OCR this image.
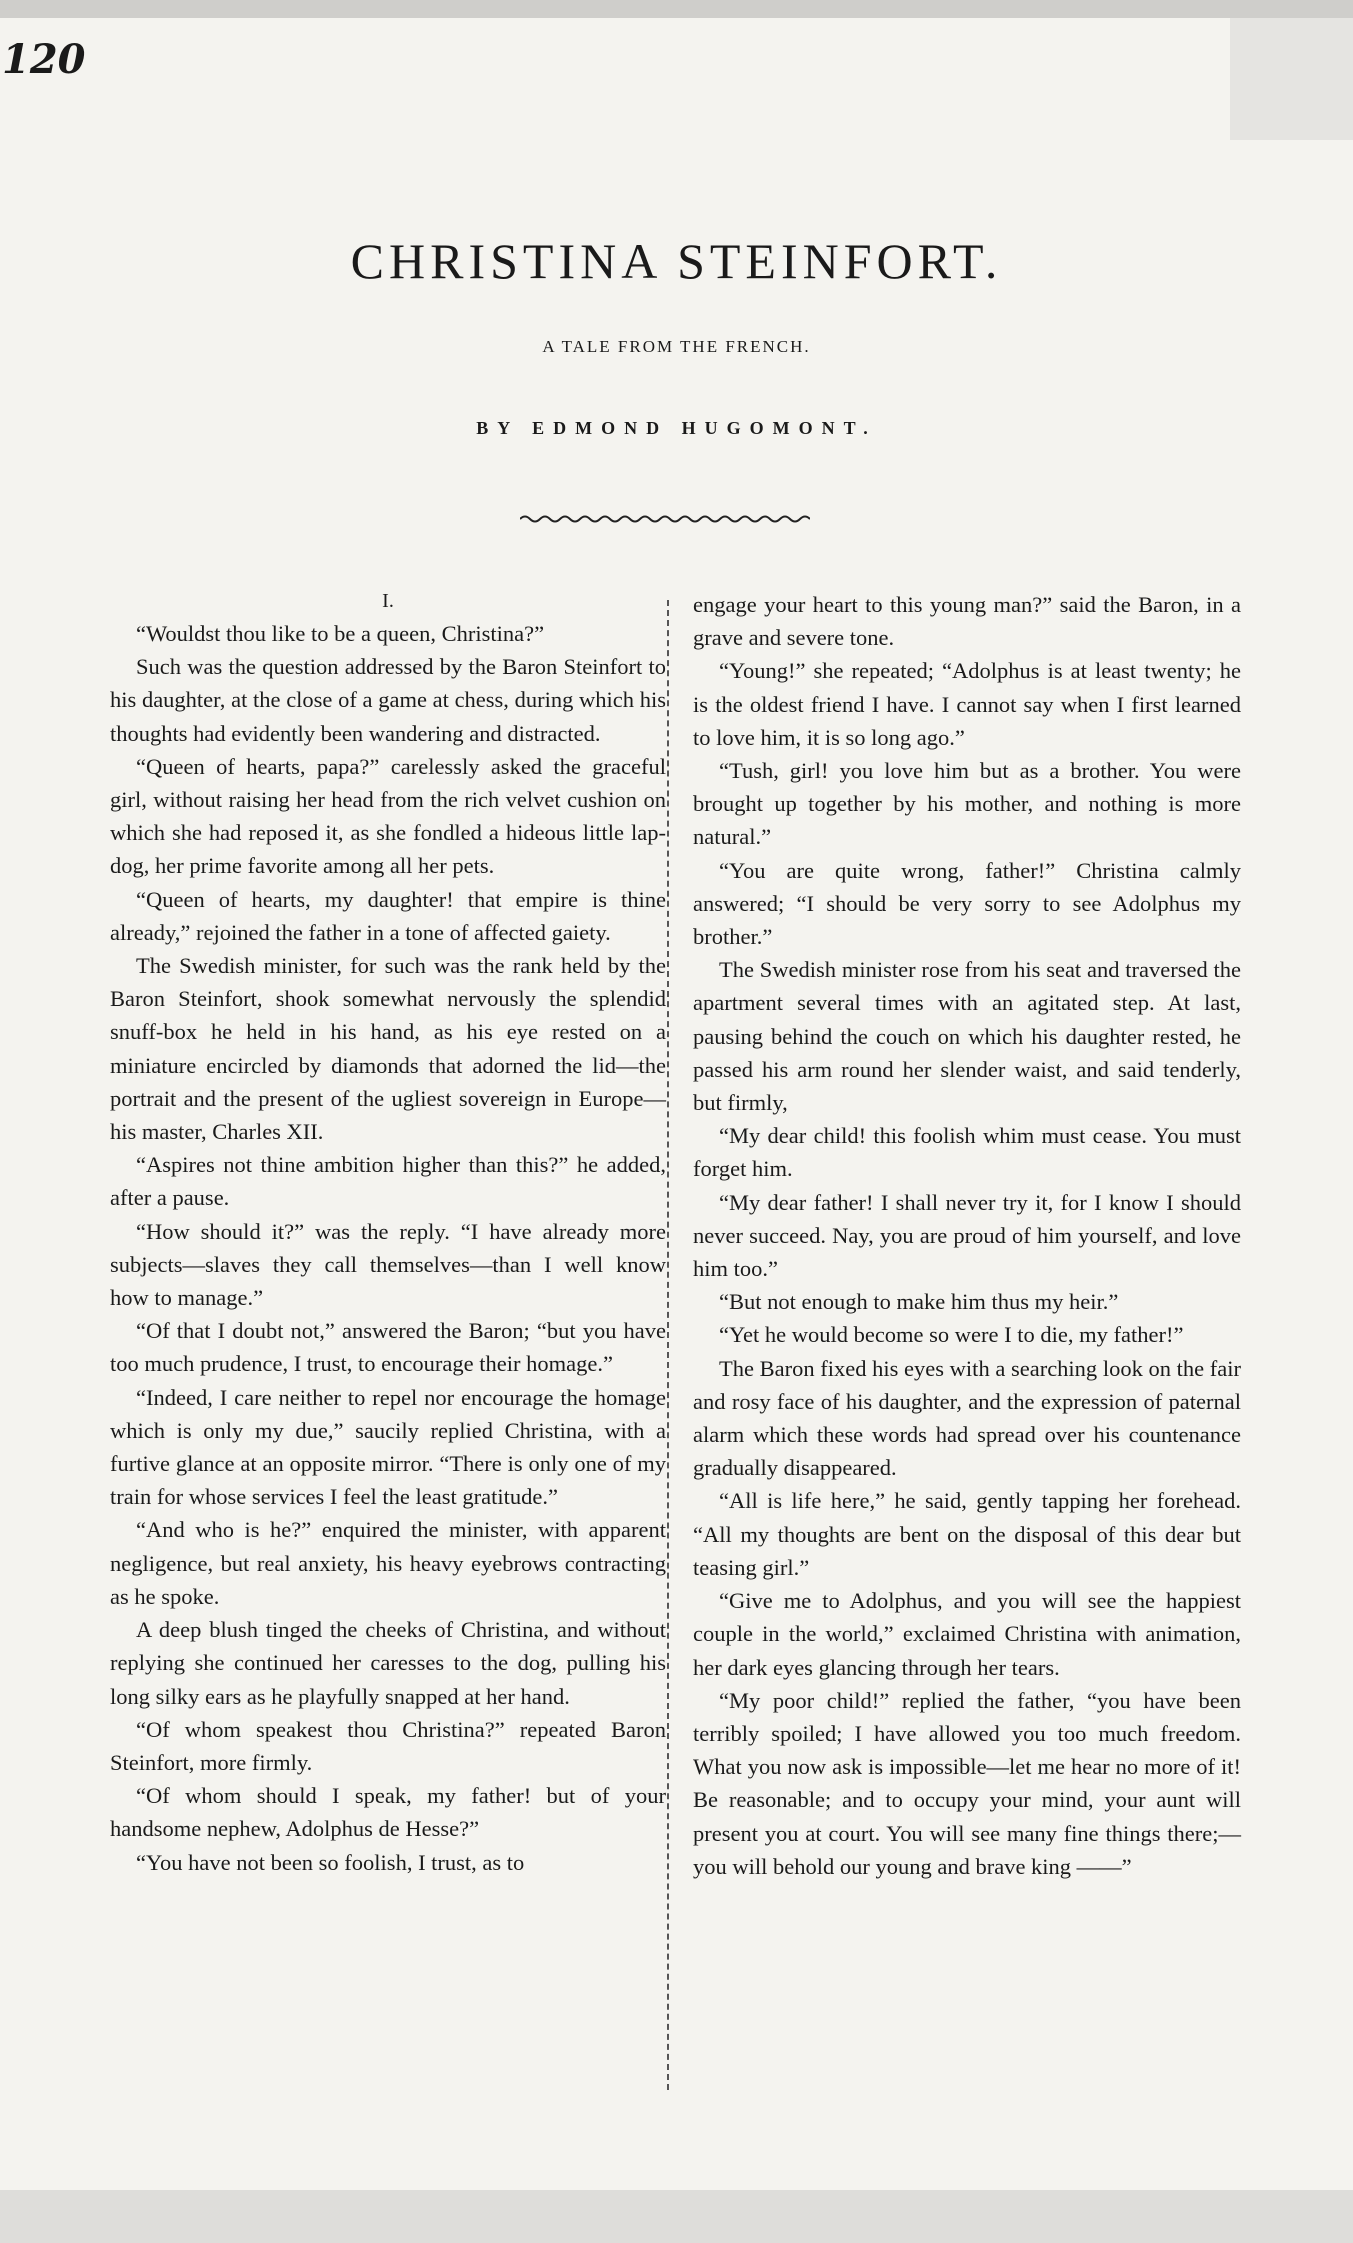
120
CHRISTINA STEINFORT.
A TALE FROM THE FRENCH.
BY EDMOND HUGOMONT.
I.

“Wouldst thou like to be a queen, Christina?”

Such was the question addressed by the Baron Steinfort to his daughter, at the close of a game at chess, during which his thoughts had evidently been wandering and distracted.

“Queen of hearts, papa?” carelessly asked the graceful girl, without raising her head from the rich velvet cushion on which she had reposed it, as she fondled a hideous little lap-dog, her prime favorite among all her pets.

“Queen of hearts, my daughter! that empire is thine already,” rejoined the father in a tone of affected gaiety.

The Swedish minister, for such was the rank held by the Baron Steinfort, shook somewhat nervously the splendid snuff-box he held in his hand, as his eye rested on a miniature encircled by diamonds that adorned the lid—the portrait and the present of the ugliest sovereign in Europe—his master, Charles XII.

“Aspires not thine ambition higher than this?” he added, after a pause.

“How should it?” was the reply. “I have already more subjects—slaves they call themselves—than I well know how to manage.”

“Of that I doubt not,” answered the Baron; “but you have too much prudence, I trust, to encourage their homage.”

“Indeed, I care neither to repel nor encourage the homage which is only my due,” saucily replied Christina, with a furtive glance at an opposite mirror. “There is only one of my train for whose services I feel the least gratitude.”

“And who is he?” enquired the minister, with apparent negligence, but real anxiety, his heavy eyebrows contracting as he spoke.

A deep blush tinged the cheeks of Christina, and without replying she continued her caresses to the dog, pulling his long silky ears as he playfully snapped at her hand.

“Of whom speakest thou Christina?” repeated Baron Steinfort, more firmly.

“Of whom should I speak, my father! but of your handsome nephew, Adolphus de Hesse?”

“You have not been so foolish, I trust, as to

engage your heart to this young man?” said the Baron, in a grave and severe tone.

“Young!” she repeated; “Adolphus is at least twenty; he is the oldest friend I have. I cannot say when I first learned to love him, it is so long ago.”

“Tush, girl! you love him but as a brother. You were brought up together by his mother, and nothing is more natural.”

“You are quite wrong, father!” Christina calmly answered; “I should be very sorry to see Adolphus my brother.”

The Swedish minister rose from his seat and traversed the apartment several times with an agitated step. At last, pausing behind the couch on which his daughter rested, he passed his arm round her slender waist, and said tenderly, but firmly,

“My dear child! this foolish whim must cease. You must forget him.

“My dear father! I shall never try it, for I know I should never succeed. Nay, you are proud of him yourself, and love him too.”

“But not enough to make him thus my heir.”

“Yet he would become so were I to die, my father!”

The Baron fixed his eyes with a searching look on the fair and rosy face of his daughter, and the expression of paternal alarm which these words had spread over his countenance gradually disappeared.

“All is life here,” he said, gently tapping her forehead. “All my thoughts are bent on the disposal of this dear but teasing girl.”

“Give me to Adolphus, and you will see the happiest couple in the world,” exclaimed Christina with animation, her dark eyes glancing through her tears.

“My poor child!” replied the father, “you have been terribly spoiled; I have allowed you too much freedom. What you now ask is impossible—let me hear no more of it! Be reasonable; and to occupy your mind, your aunt will present you at court. You will see many fine things there;—you will behold our young and brave king ——”
